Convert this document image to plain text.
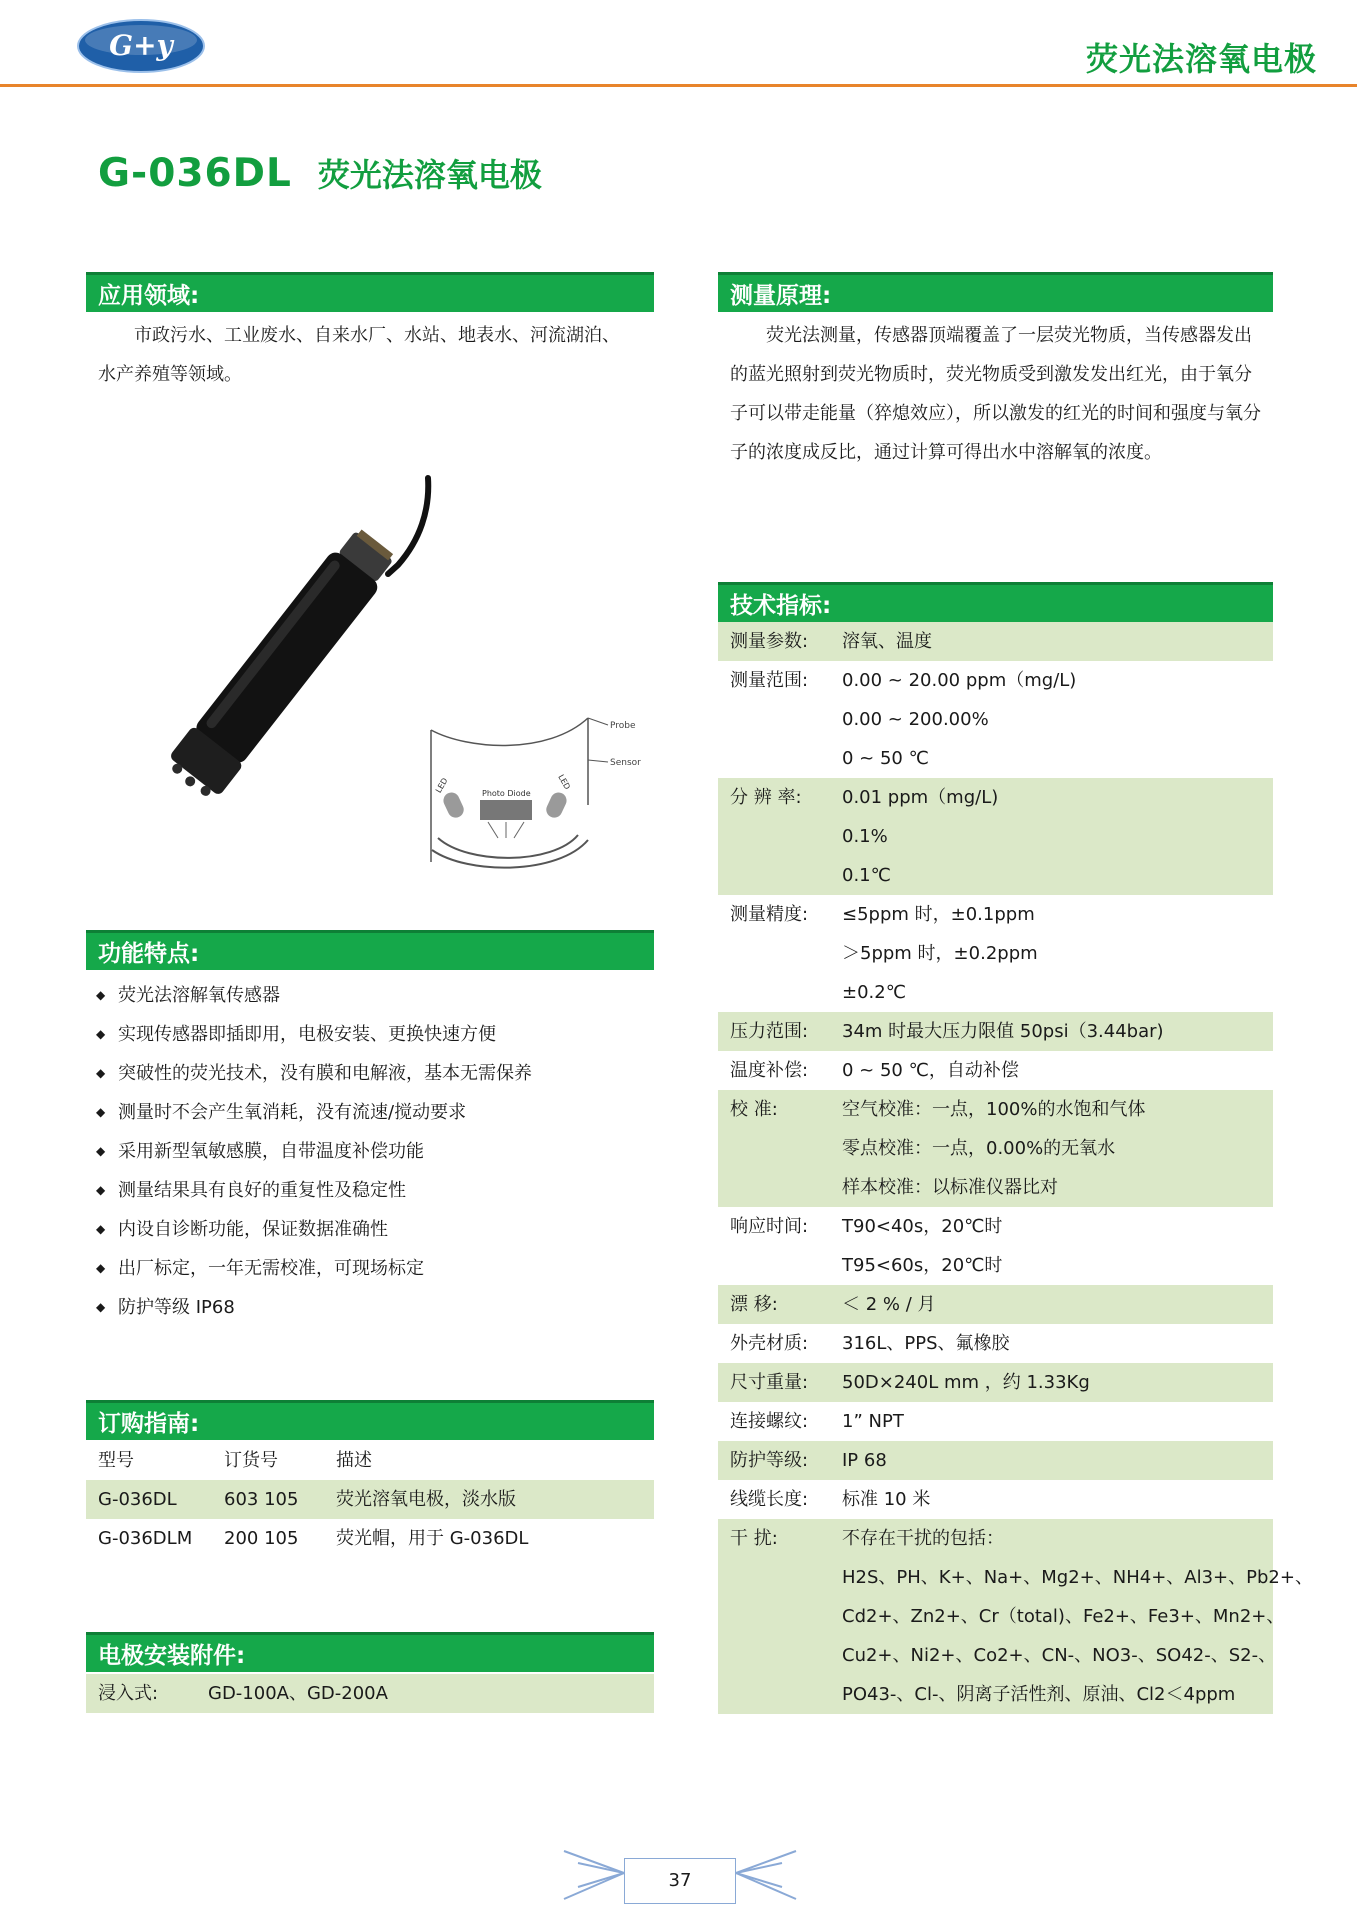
G+y	荧光法溶氧电极
G-036DL 荧光法溶氧电极
应用领域:
市政污水、工业废水、自来水厂、水站、地表水、河流湖泊、
水产养殖等领域。
测量原理:
荧光法测量，传感器顶端覆盖了一层荧光物质，当传感器发出
的蓝光照射到荧光物质时，荧光物质受到激发发出红光，由于氧分
子可以带走能量（猝熄效应），所以激发的红光的时间和强度与氧分
子的浓度成反比，通过计算可得出水中溶解氧的浓度。
Probe
Sensor
Photo Diode
LED	LED
功能特点:
◆ 荧光法溶解氧传感器
◆ 实现传感器即插即用，电极安装、更换快速方便
◆ 突破性的荧光技术，没有膜和电解液，基本无需保养
◆ 测量时不会产生氧消耗，没有流速/搅动要求
◆ 采用新型氧敏感膜，自带温度补偿功能
◆ 测量结果具有良好的重复性及稳定性
◆ 内设自诊断功能，保证数据准确性
◆ 出厂标定，一年无需校准，可现场标定
◆ 防护等级 IP68
技术指标:
测量参数:	溶氧、温度
测量范围:	0.00 ~ 20.00 ppm（mg/L)
0.00 ~ 200.00%
0 ~ 50 ℃
分 辨 率:	0.01 ppm（mg/L)
0.1%
0.1℃
测量精度:	≤5ppm 时，±0.1ppm
＞5ppm 时，±0.2ppm
±0.2℃
压力范围:	34m 时最大压力限值 50psi（3.44bar)
温度补偿:	0 ~ 50 ℃，自动补偿
校 准:	空气校准：一点，100%的水饱和气体
零点校准：一点，0.00%的无氧水
样本校准：以标准仪器比对
响应时间:	T90<40s，20℃时
T95<60s，20℃时
漂 移:	＜ 2 % / 月
外壳材质:	316L、PPS、氟橡胶
尺寸重量:	50D×240L mm ，约 1.33Kg
连接螺纹:	1” NPT
防护等级:	IP 68
线缆长度:	标准 10 米
干 扰:	不存在干扰的包括：
H2S、PH、K+、Na+、Mg2+、NH4+、Al3+、Pb2+、
Cd2+、Zn2+、Cr（total)、Fe2+、Fe3+、Mn2+、
Cu2+、Ni2+、Co2+、CN-、NO3-、SO42-、S2-、
PO43-、Cl-、阴离子活性剂、原油、Cl2＜4ppm
订购指南:
型号	订货号	描述
G-036DL	603 105	荧光溶氧电极，淡水版
G-036DLM	200 105	荧光帽，用于 G-036DL
电极安装附件:
浸入式:	GD-100A、GD-200A
37
